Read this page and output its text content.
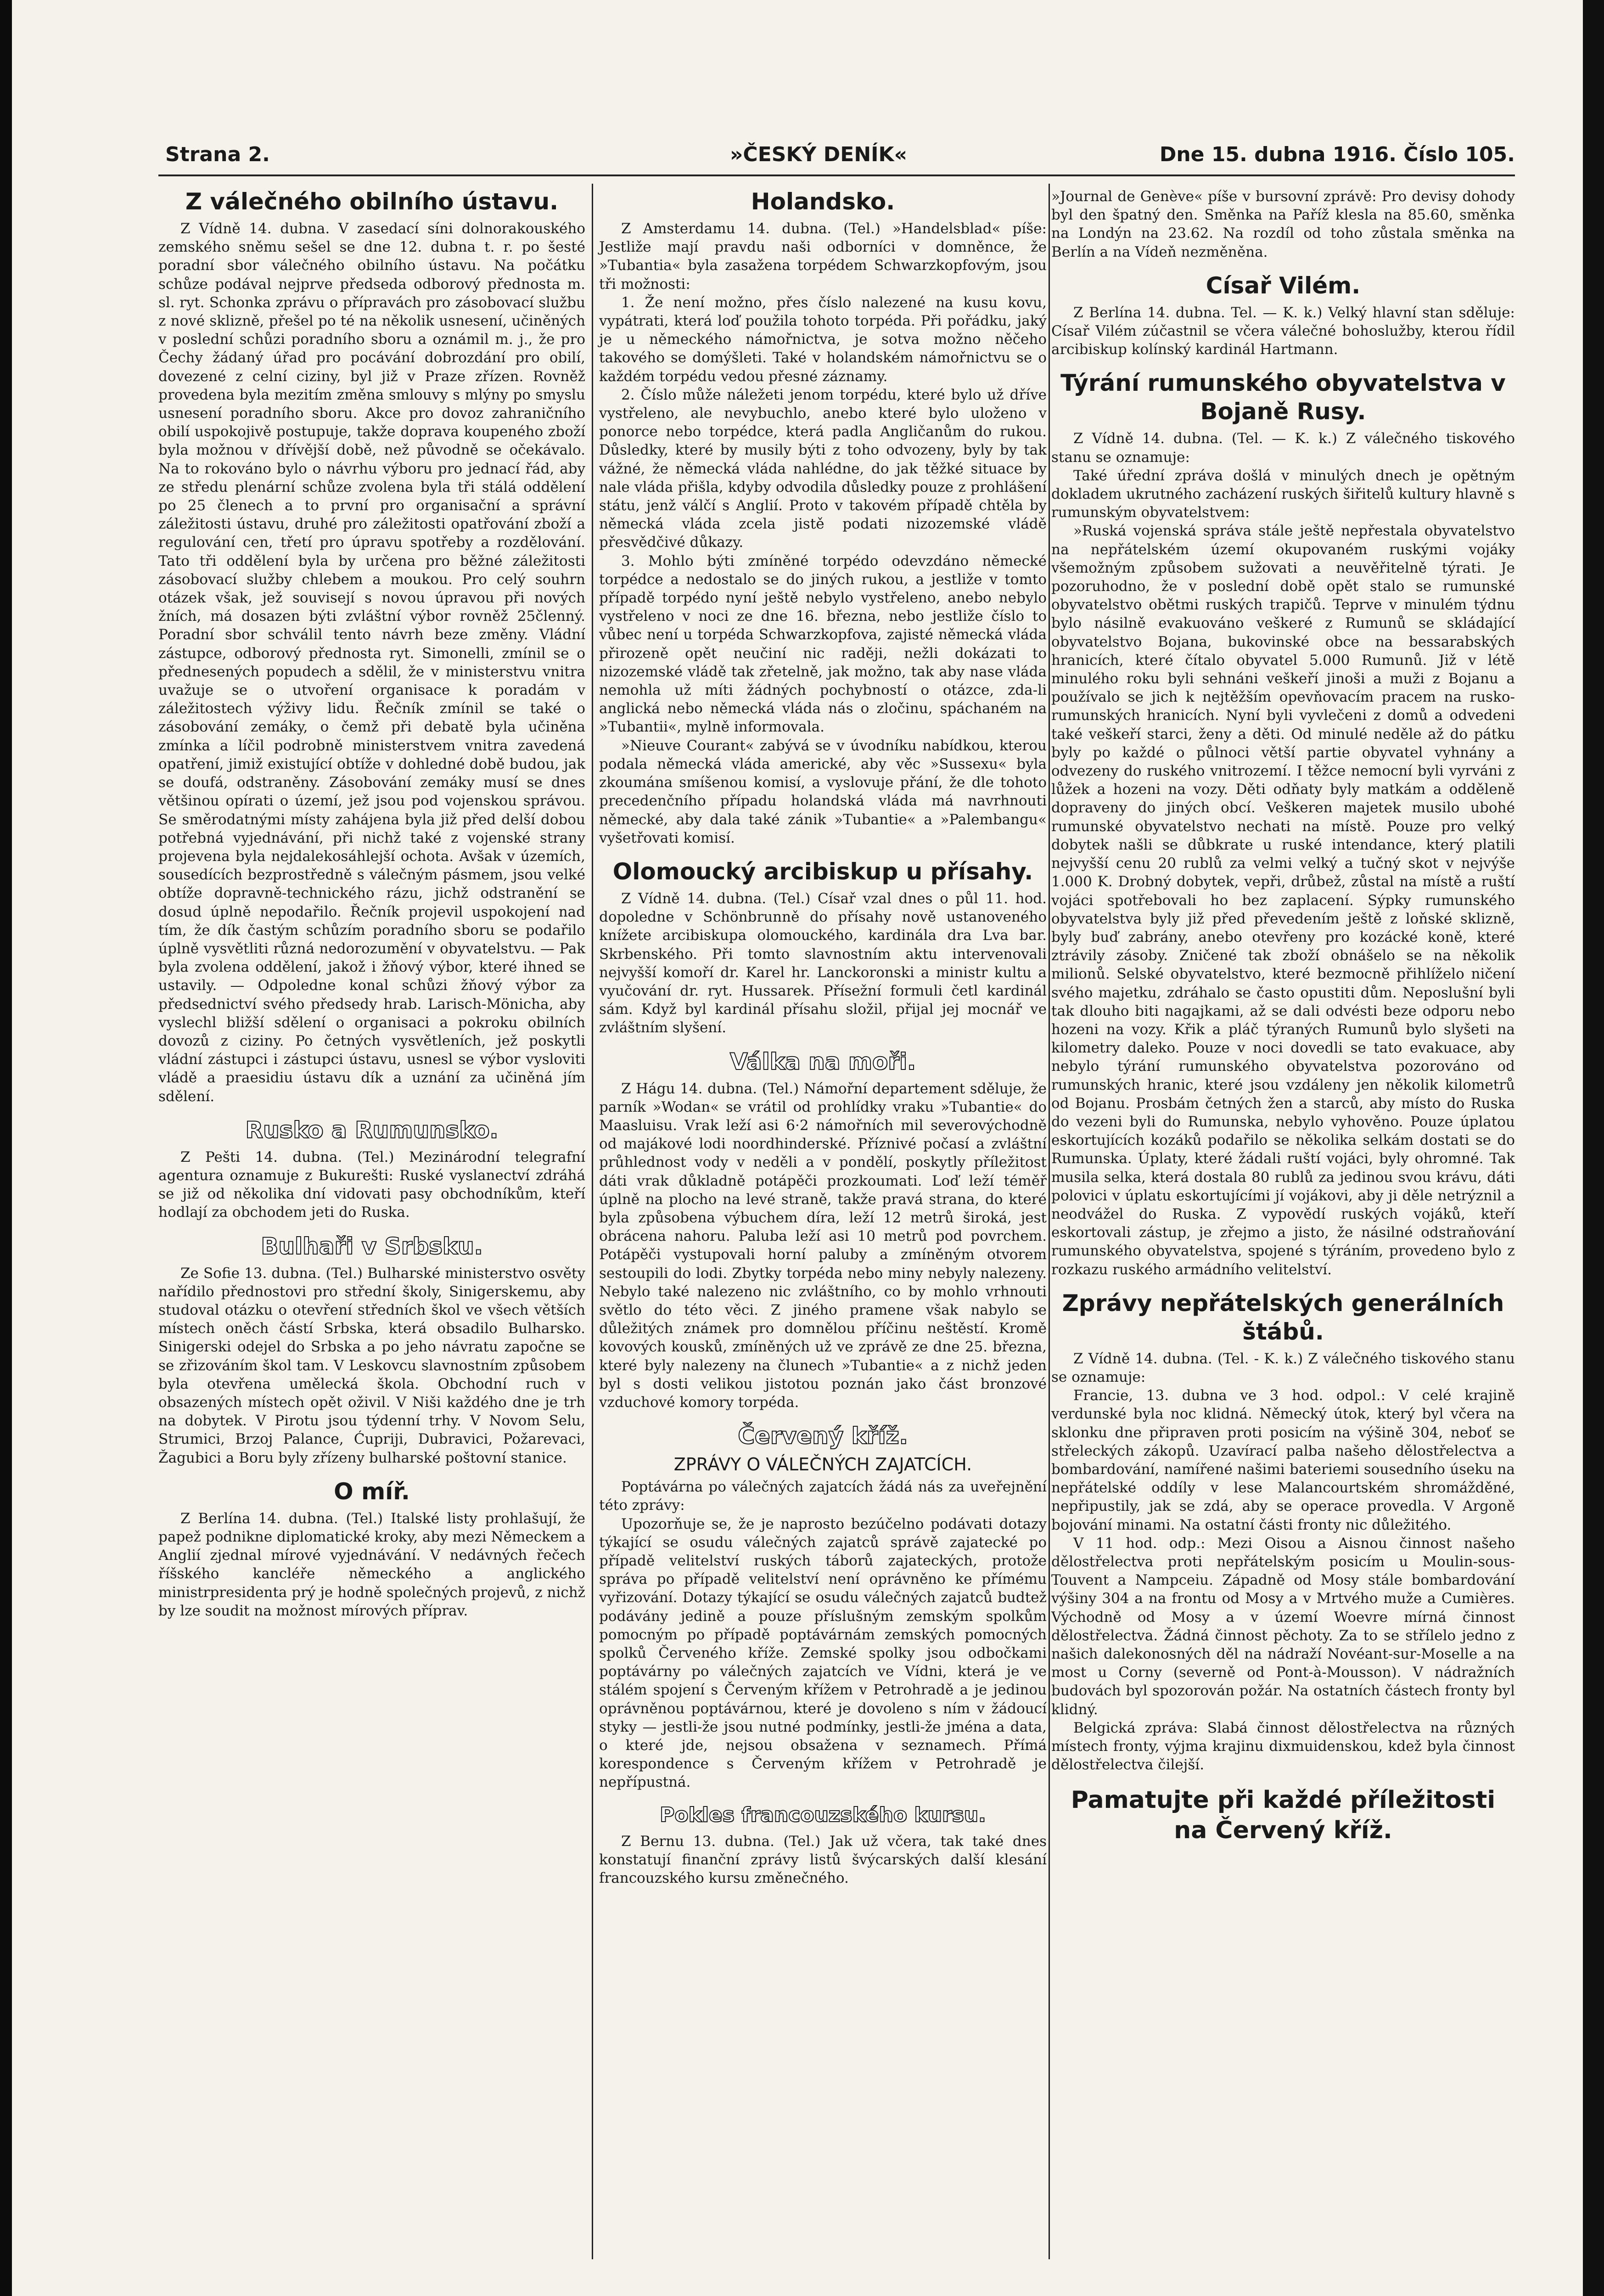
Strana 2.	»ČESKÝ DENÍK«	Dne 15. dubna 1916. Číslo 105.
Z válečného obilního ústavu.

Z Vídně 14. dubna. V zasedací síni dolnorakouského zemského sněmu sešel se dne 12. dubna t. r. po šesté poradní sbor válečného obilního ústavu. Na počátku schůze podával nejprve předseda odborový přednosta m. sl. ryt. Schonka zprávu o přípravách pro zásobovací službu z nové sklizně, přešel po té na několik usnesení, učiněných v poslední schůzi poradního sboru a oznámil m. j., že pro Čechy žádaný úřad pro pocávání dobrozdání pro obilí, dovezené z celní ciziny, byl již v Praze zřízen. Rovněž provedena byla mezitím změna smlouvy s mlýny po smyslu usnesení poradního sboru. Akce pro dovoz zahraničního obilí uspokojivě postupuje, takže doprava koupeného zboží byla možnou v dřívější době, než původně se očekávalo. Na to rokováno bylo o návrhu výboru pro jednací řád, aby ze středu plenární schůze zvolena byla tři stálá oddělení po 25 členech a to první pro organisační a správní záležitosti ústavu, druhé pro záležitosti opatřování zboží a regulování cen, třetí pro úpravu spotřeby a rozdělování. Tato tři oddělení byla by určena pro běžné záležitosti zásobovací služby chlebem a moukou. Pro celý souhrn otázek však, jež souvisejí s novou úpravou při nových žních, má dosazen býti zvláštní výbor rovněž 25členný. Poradní sbor schválil tento návrh beze změny. Vládní zástupce, odborový přednosta ryt. Simonelli, zmínil se o přednesených popudech a sdělil, že v ministerstvu vnitra uvažuje se o utvoření organisace k poradám v záležitostech výživy lidu. Řečník zmínil se také o zásobování zemáky, o čemž při debatě byla učiněna zmínka a líčil podrobně ministerstvem vnitra zavedená opatření, jimiž existující obtíže v dohledné době budou, jak se doufá, odstraněny. Zásobování zemáky musí se dnes většinou opírati o území, jež jsou pod vojenskou správou. Se směrodatnými místy zahájena byla již před delší dobou potřebná vyjednávání, při nichž také z vojenské strany projevena byla nejdalekosáhlejší ochota. Avšak v územích, sousedících bezprostředně s válečným pásmem, jsou velké obtíže dopravně-technického rázu, jichž odstranění se dosud úplně nepodařilo. Řečník projevil uspokojení nad tím, že dík častým schůzím poradního sboru se podařilo úplně vysvětliti různá nedorozumění v obyvatelstvu. — Pak byla zvolena oddělení, jakož i žňový výbor, které ihned se ustavily. — Odpoledne konal schůzi žňový výbor za předsednictví svého předsedy hrab. Larisch-Mönicha, aby vyslechl bližší sdělení o organisaci a pokroku obilních dovozů z ciziny. Po četných vysvětleních, jež poskytli vládní zástupci i zástupci ústavu, usnesl se výbor vysloviti vládě a praesidiu ústavu dík a uznání za učiněná jím sdělení.

Rusko a Rumunsko.

Z Pešti 14. dubna. (Tel.) Mezinárodní telegrafní agentura oznamuje z Bukurešti: Ruské vyslanectví zdráhá se již od několika dní vidovati pasy obchodníkům, kteří hodlají za obchodem jeti do Ruska.

Bulhaři v Srbsku.

Ze Sofie 13. dubna. (Tel.) Bulharské ministerstvo osvěty nařídilo přednostovi pro střední školy, Sinigerskemu, aby studoval otázku o otevření středních škol ve všech větších místech oněch částí Srbska, která obsadilo Bulharsko. Sinigerski odejel do Srbska a po jeho návratu započne se se zřizováním škol tam. V Leskovcu slavnostním způsobem byla otevřena umělecká škola. Obchodní ruch v obsazených místech opět oživil. V Niši každého dne je trh na dobytek. V Pirotu jsou týdenní trhy. V Novom Selu, Strumici, Brzoj Palance, Ćupriji, Dubravici, Požarevaci, Žagubici a Boru byly zřízeny bulharské poštovní stanice.

O míř.

Z Berlína 14. dubna. (Tel.) Italské listy prohlašují, že papež podnikne diplomatické kroky, aby mezi Německem a Anglií zjednal mírové vyjednávání. V nedávných řečech říšského kancléře německého a anglického ministrpresidenta prý je hodně společných projevů, z nichž by lze soudit na možnost mírových příprav.

Holandsko.

Z Amsterdamu 14. dubna. (Tel.) »Handelsblad« píše: Jestliže mají pravdu naši odborníci v domněnce, že »Tubantia« byla zasažena torpédem Schwarzkopfovým, jsou tři možnosti:

1. Že není možno, přes číslo nalezené na kusu kovu, vypátrati, která loď použila tohoto torpéda. Při pořádku, jaký je u německého námořnictva, je sotva možno něčeho takového se domýšleti. Také v holandském námořnictvu se o každém torpédu vedou přesné záznamy.

2. Číslo může náležeti jenom torpédu, které bylo už dříve vystřeleno, ale nevybuchlo, anebo které bylo uloženo v ponorce nebo torpédce, která padla Angličanům do rukou. Důsledky, které by musily býti z toho odvozeny, byly by tak vážné, že německá vláda nahlédne, do jak těžké situace by nale vláda přišla, kdyby odvodila důsledky pouze z prohlášení státu, jenž válčí s Anglií. Proto v takovém případě chtěla by německá vláda zcela jistě podati nizozemské vládě přesvědčivé důkazy.

3. Mohlo býti zmíněné torpédo odevzdáno německé torpédce a nedostalo se do jiných rukou, a jestliže v tomto případě torpédo nyní ještě nebylo vystřeleno, anebo nebylo vystřeleno v noci ze dne 16. března, nebo jestliže číslo to vůbec není u torpéda Schwarzkopfova, zajisté německá vláda přirozeně opět neučiní nic raději, nežli dokázati to nizozemské vládě tak zřetelně, jak možno, tak aby nase vláda nemohla už míti žádných pochybností o otázce, zda-li anglická nebo německá vláda nás o zločinu, spáchaném na »Tubantii«, mylně informovala.

»Nieuve Courant« zabývá se v úvodníku nabídkou, kterou podala německá vláda americké, aby věc »Sussexu« byla zkoumána smíšenou komisí, a vyslovuje přání, že dle tohoto precedenčního případu holandská vláda má navrhnouti německé, aby dala také zánik »Tubantie« a »Palembangu« vyšetřovati komisí.

Olomoucký arcibiskup u přísahy.

Z Vídně 14. dubna. (Tel.) Císař vzal dnes o půl 11. hod. dopoledne v Schönbrunně do přísahy nově ustanoveného knížete arcibiskupa olomouckého, kardinála dra Lva bar. Skrbenského. Při tomto slavnostním aktu intervenovali nejvyšší komoří dr. Karel hr. Lanckoronski a ministr kultu a vyučování dr. ryt. Hussarek. Přísežní formuli četl kardinál sám. Když byl kardinál přísahu složil, přijal jej mocnář ve zvláštním slyšení.

Válka na moři.

Z Hágu 14. dubna. (Tel.) Námořní departement sděluje, že parník »Wodan« se vrátil od prohlídky vraku »Tubantie« do Maasluisu. Vrak leží asi 6·2 námořních mil severovýchodně od majákové lodi noordhinderské. Příznivé počasí a zvláštní průhlednost vody v neděli a v pondělí, poskytly příležitost dáti vrak důkladně potápěči prozkoumati. Loď leží téměř úplně na plocho na levé straně, takže pravá strana, do které byla způsobena výbuchem díra, leží 12 metrů široká, jest obrácena nahoru. Paluba leží asi 10 metrů pod povrchem. Potápěči vystupovali horní paluby a zmíněným otvorem sestoupili do lodi. Zbytky torpéda nebo miny nebyly nalezeny. Nebylo také nalezeno nic zvláštního, co by mohlo vrhnouti světlo do této věci. Z jiného pramene však nabylo se důležitých známek pro domnělou příčinu neštěstí. Kromě kovových kousků, zmíněných už ve zprávě ze dne 25. března, které byly nalezeny na člunech »Tubantie« a z nichž jeden byl s dosti velikou jistotou poznán jako část bronzové vzduchové komory torpéda.

Červený kříž.
ZPRÁVY O VÁLEČNÝCH ZAJATCÍCH.

Poptávárna po válečných zajatcích žádá nás za uveřejnění této zprávy:

Upozorňuje se, že je naprosto bezúčelno podávati dotazy týkající se osudu válečných zajatců správě zajatecké po případě velitelství ruských táborů zajateckých, protože správa po případě velitelství není oprávněno ke přímému vyřizování. Dotazy týkající se osudu válečných zajatců budtež podávány jedině a pouze příslušným zemským spolkům pomocným po případě poptávárnám zemských pomocných spolků Červeného kříže. Zemské spolky jsou odbočkami poptávárny po válečných zajatcích ve Vídni, která je ve stálém spojení s Červeným křížem v Petrohradě a je jedinou oprávněnou poptávárnou, které je dovoleno s ním v žádoucí styky — jestli-že jsou nutné podmínky, jestli-že jména a data, o které jde, nejsou obsažena v seznamech. Přímá korespondence s Červeným křížem v Petrohradě je nepřípustná.

Pokles francouzského kursu.

Z Bernu 13. dubna. (Tel.) Jak už včera, tak také dnes konstatují finanční zprávy listů švýcarských další klesání francouzského kursu změnečného.

»Journal de Genève« píše v bursovní zprávě: Pro devisy dohody byl den špatný den. Směnka na Paříž klesla na 85.60, směnka na Londýn na 23.62. Na rozdíl od toho zůstala směnka na Berlín a na Vídeň nezměněna.

Císař Vilém.

Z Berlína 14. dubna. Tel. — K. k.) Velký hlavní stan sděluje: Císař Vilém zúčastnil se včera válečné bohoslužby, kterou řídil arcibiskup kolínský kardinál Hartmann.

Týrání rumunského obyvatelstva v Bojaně Rusy.

Z Vídně 14. dubna. (Tel. — K. k.) Z válečného tiskového stanu se oznamuje:

Také úřední zpráva došlá v minulých dnech je opětným dokladem ukrutného zacházení ruských šiřitelů kultury hlavně s rumunským obyvatelstvem:

»Ruská vojenská správa stále ještě nepřestala obyvatelstvo na nepřátelském území okupovaném ruskými vojáky všemožným způsobem sužovati a neuvěřitelně týrati. Je pozoruhodno, že v poslední době opět stalo se rumunské obyvatelstvo obětmi ruských trapičů. Teprve v minulém týdnu bylo násilně evakuováno veškeré z Rumunů se skládající obyvatelstvo Bojana, bukovinské obce na bessarabských hranicích, které čítalo obyvatel 5.000 Rumunů. Již v létě minulého roku byli sehnáni veškeří jinoši a muži z Bojanu a používalo se jich k nejtěžším opevňovacím pracem na rusko-rumunských hranicích. Nyní byli vyvlečeni z domů a odvedeni také veškeří starci, ženy a děti. Od minulé neděle až do pátku byly po každé o půlnoci větší partie obyvatel vyhnány a odvezeny do ruského vnitrozemí. I těžce nemocní byli vyrváni z lůžek a hozeni na vozy. Děti odňaty byly matkám a odděleně dopraveny do jiných obcí. Veškeren majetek musilo ubohé rumunské obyvatelstvo nechati na místě. Pouze pro velký dobytek našli se důbkrate u ruské intendance, který platili nejvyšší cenu 20 rublů za velmi velký a tučný skot v nejvýše 1.000 K. Drobný dobytek, vepři, drůbež, zůstal na místě a ruští vojáci spotřebovali ho bez zaplacení. Sýpky rumunského obyvatelstva byly již před převedením ještě z loňské sklizně, byly buď zabrány, anebo otevřeny pro kozácké koně, které ztrávily zásoby. Zničené tak zboží obnášelo se na několik milionů. Selské obyvatelstvo, které bezmocně přihlíželo ničení svého majetku, zdráhalo se často opustiti dům. Neposlušní byli tak dlouho biti nagajkami, až se dali odvésti beze odporu nebo hozeni na vozy. Křik a pláč týraných Rumunů bylo slyšeti na kilometry daleko. Pouze v noci dovedli se tato evakuace, aby nebylo týrání rumunského obyvatelstva pozorováno od rumunských hranic, které jsou vzdáleny jen několik kilometrů od Bojanu. Prosbám četných žen a starců, aby místo do Ruska do vezeni byli do Rumunska, nebylo vyhověno. Pouze úplatou eskortujících kozáků podařilo se několika selkám dostati se do Rumunska. Úplaty, které žádali ruští vojáci, byly ohromné. Tak musila selka, která dostala 80 rublů za jedinou svou krávu, dáti polovici v úplatu eskortujícími jí vojákovi, aby ji děle netrýznil a neodvážel do Ruska. Z vypovědí ruských vojáků, kteří eskortovali zástup, je zřejmo a jisto, že násilné odstraňování rumunského obyvatelstva, spojené s týráním, provedeno bylo z rozkazu ruského armádního velitelství.

Zprávy nepřátelských generálních štábů.

Z Vídně 14. dubna. (Tel. - K. k.) Z válečného tiskového stanu se oznamuje:

Francie, 13. dubna ve 3 hod. odpol.: V celé krajině verdunské byla noc klidná. Německý útok, který byl včera na sklonku dne připraven proti posicím na výšině 304, neboť se střeleckých zákopů. Uzavírací palba našeho dělostřelectva a bombardování, namířené našimi bateriemi sousedního úseku na nepřátelské oddíly v lese Malancourtském shromážděné, nepřipustily, jak se zdá, aby se operace provedla. V Argoně bojování minami. Na ostatní části fronty nic důležitého.

V 11 hod. odp.: Mezi Oisou a Aisnou činnost našeho dělostřelectva proti nepřátelským posicím u Moulin-sous-Touvent a Nampceiu. Západně od Mosy stále bombardování výšiny 304 a na frontu od Mosy a v Mrtvého muže a Cumières. Východně od Mosy a v území Woevre mírná činnost dělostřelectva. Žádná činnost pěchoty. Za to se střílelo jedno z našich dalekonosných děl na nádraží Novéant-sur-Moselle a na most u Corny (severně od Pont-à-Mousson). V nádražních budovách byl spozorován požár. Na ostatních částech fronty byl klidný.

Belgická zpráva: Slabá činnost dělostřelectva na různých místech fronty, výjma krajinu dixmuidenskou, kdež byla činnost dělostřelectva čilejší.

Pamatujte při každé příležitosti na Červený kříž.
